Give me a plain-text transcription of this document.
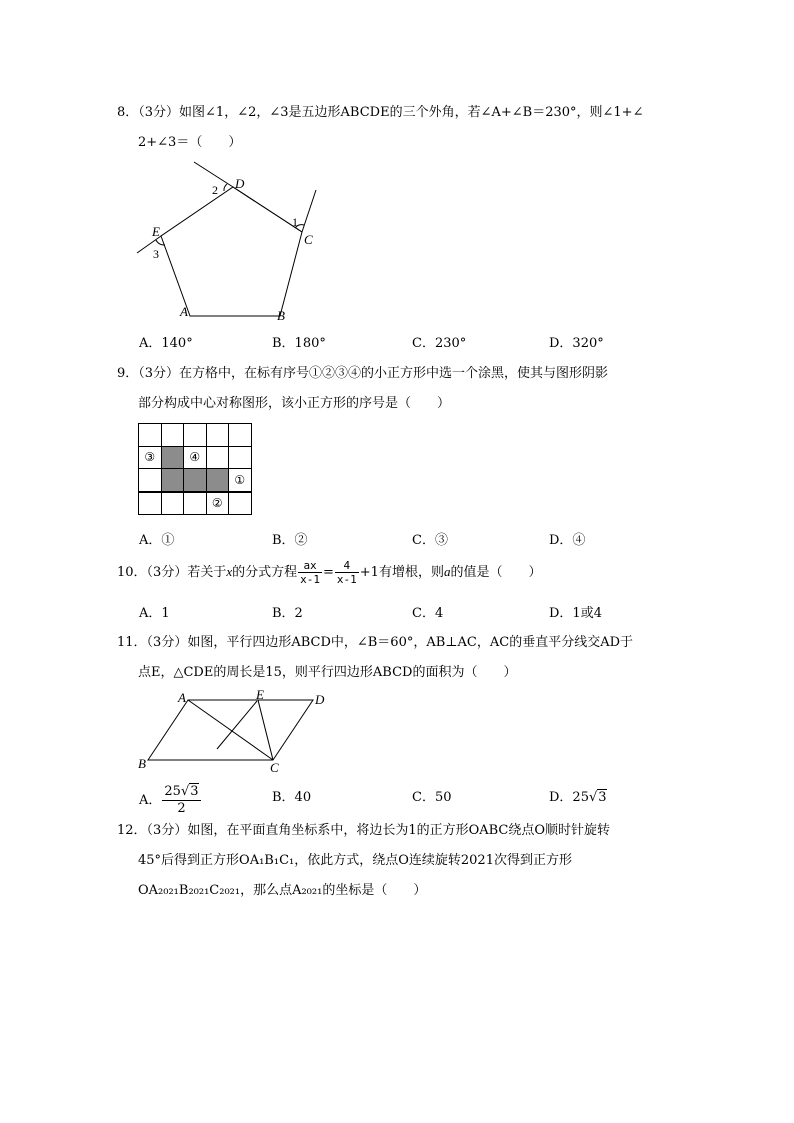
8．（3分）如图∠1，∠2，∠3是五边形ABCDE的三个外角，若∠A+∠B＝230°，则∠1+∠
2+∠3＝（　　）
D
C
E
A	B
1
2
3
A．140°	B．180°	C．230°	D．320°
9．（3分）在方格中，在标有序号①②③④的小正方形中选一个涂黑，使其与图形阴影
部分构成中心对称图形，该小正方形的序号是（　　）

③		④		
				①
			②	
A．①	B．②	C．③	D．④
10．（3分）若关于x的分式方程 $\frac{ax}{x-1} = \frac{4}{x-1} +1$有增根，则a的值是（　　）
A．1	B．2	C．4	D．1或4
11．（3分）如图，平行四边形ABCD中，∠B＝60°，AB⊥AC，AC的垂直平分线交AD于
点E，△CDE的周长是15，则平行四边形ABCD的面积为（　　）
A	E	D
B	C
A． $\frac{25√3}{2}$	B．40	C．50	D．25√3
12．（3分）如图，在平面直角坐标系中，将边长为1的正方形OABC绕点O顺时针旋转
45°后得到正方形OA₁B₁C₁，依此方式，绕点O连续旋转2021次得到正方形
OA₂₀₂₁B₂₀₂₁C₂₀₂₁，那么点A₂₀₂₁的坐标是（　　）
